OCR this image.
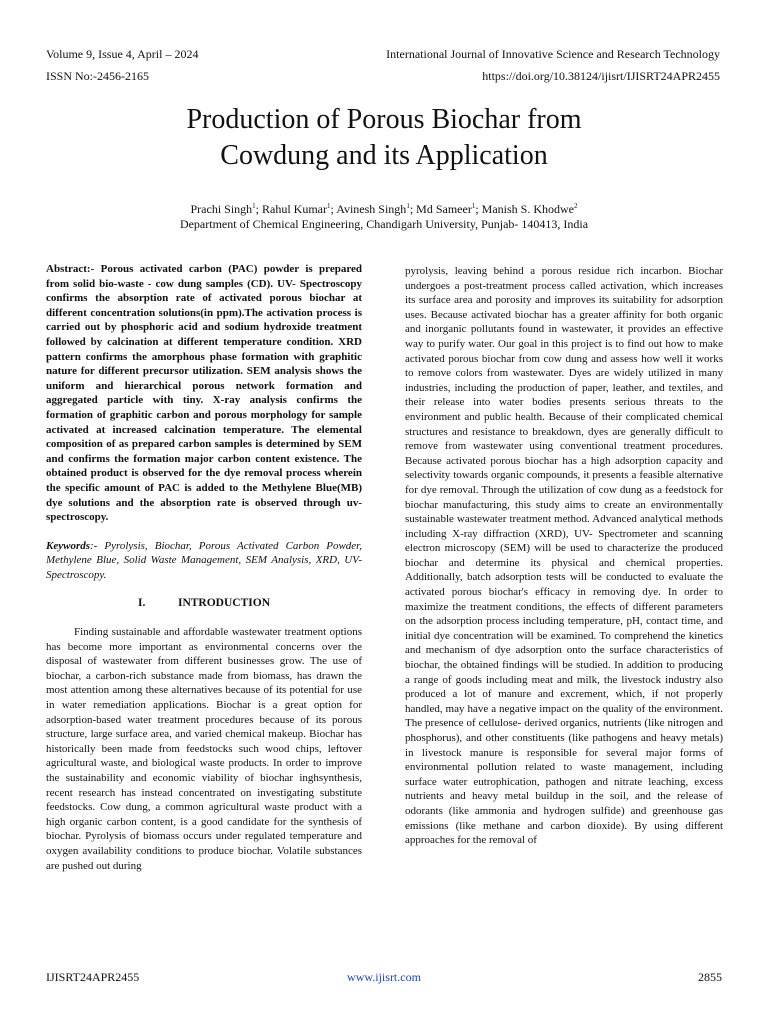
Volume 9, Issue 4, April – 2024	International Journal of Innovative Science and Research Technology
ISSN No:-2456-2165	https://doi.org/10.38124/ijisrt/IJISRT24APR2455
Production of Porous Biochar from
Cowdung and its Application
Prachi Singh$^1$; Rahul Kumar$^1$; Avinesh Singh$^1$; Md Sameer$^1$; Manish S. Khodwe$^2$
Department of Chemical Engineering, Chandigarh University, Punjab- 140413, India

Abstract:- Porous activated carbon (PAC) powder is prepared from solid bio-waste - cow dung samples (CD). UV- Spectroscopy confirms the absorption rate of activated porous biochar at different concentration solutions(in ppm).The activation process is carried out by phosphoric acid and sodium hydroxide treatment followed by calcination at different temperature condition. XRD pattern confirms the amorphous phase formation with graphitic nature for different precursor utilization. SEM analysis shows the uniform and hierarchical porous network formation and aggregated particle with tiny. X-ray analysis confirms the formation of graphitic carbon and porous morphology for sample activated at increased calcination temperature. The elemental composition of as prepared carbon samples is determined by SEM and confirms the formation major carbon content existence. The obtained product is observed for the dye removal process wherein the specific amount of PAC is added to the Methylene Blue(MB) dye solutions and the absorption rate is observed through uv-spectroscopy.

Keywords:- Pyrolysis, Biochar, Porous Activated Carbon Powder, Methylene Blue, Solid Waste Management, SEM Analysis, XRD, UV-Spectroscopy.

I.	INTRODUCTION

Finding sustainable and affordable wastewater treatment options has become more important as environmental concerns over the disposal of wastewater from different businesses grow. The use of biochar, a carbon-rich substance made from biomass, has drawn the most attention among these alternatives because of its potential for use in water remediation applications. Biochar is a great option for adsorption-based water treatment procedures because of its porous structure, large surface area, and varied chemical makeup. Biochar has historically been made from feedstocks such wood chips, leftover agricultural waste, and biological waste products. In order to improve the sustainability and economic viability of biochar inghsynthesis, recent research has instead concentrated on investigating substitute feedstocks. Cow dung, a common agricultural waste product with a high organic carbon content, is a good candidate for the synthesis of biochar. Pyrolysis of biomass occurs under regulated temperature and oxygen availability conditions to produce biochar. Volatile substances are pushed out during

pyrolysis, leaving behind a porous residue rich incarbon. Biochar undergoes a post-treatment process called activation, which increases its surface area and porosity and improves its suitability for adsorption uses. Because activated biochar has a greater affinity for both organic and inorganic pollutants found in wastewater, it provides an effective way to purify water. Our goal in this project is to find out how to make activated porous biochar from cow dung and assess how well it works to remove colors from wastewater. Dyes are widely utilized in many industries, including the production of paper, leather, and textiles, and their release into water bodies presents serious threats to the environment and public health. Because of their complicated chemical structures and resistance to breakdown, dyes are generally difficult to remove from wastewater using conventional treatment procedures. Because activated porous biochar has a high adsorption capacity and selectivity towards organic compounds, it presents a feasible alternative for dye removal. Through the utilization of cow dung as a feedstock for biochar manufacturing, this study aims to create an environmentally sustainable wastewater treatment method. Advanced analytical methods including X-ray diffraction (XRD), UV- Spectrometer and scanning electron microscopy (SEM) will be used to characterize the produced biochar and determine its physical and chemical properties. Additionally, batch adsorption tests will be conducted to evaluate the activated porous biochar's efficacy in removing dye. In order to maximize the treatment conditions, the effects of different parameters on the adsorption process including temperature, pH, contact time, and initial dye concentration will be examined. To comprehend the kinetics and mechanism of dye adsorption onto the surface characteristics of biochar, the obtained findings will be studied. In addition to producing a range of goods including meat and milk, the livestock industry also produced a lot of manure and excrement, which, if not properly handled, may have a negative impact on the quality of the environment. The presence of cellulose- derived organics, nutrients (like nitrogen and phosphorus), and other constituents (like pathogens and heavy metals) in livestock manure is responsible for several major forms of environmental pollution related to waste management, including surface water eutrophication, pathogen and nitrate leaching, excess nutrients and heavy metal buildup in the soil, and the release of odorants (like ammonia and hydrogen sulfide) and greenhouse gas emissions (like methane and carbon dioxide). By using different approaches for the removal of

IJISRT24APR2455	www.ijisrt.com	2855
